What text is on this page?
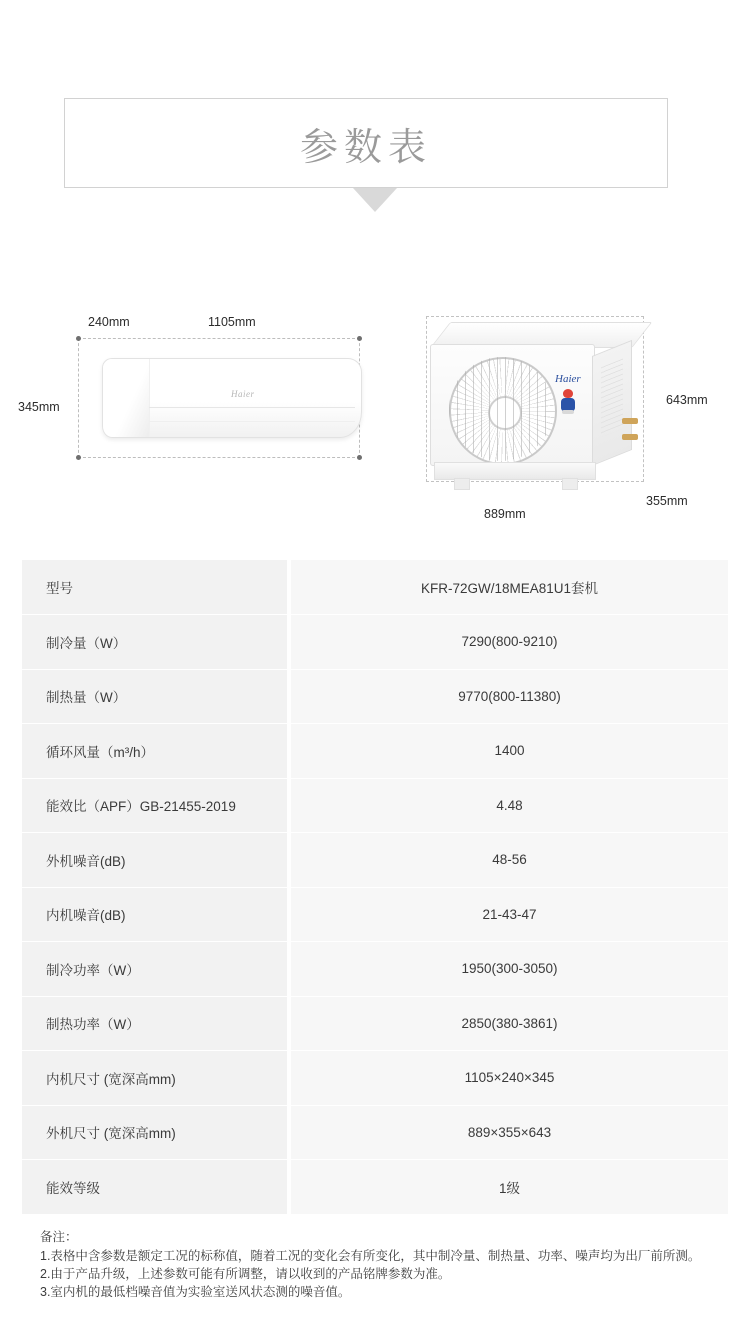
参数表
Haier
240mm	1105mm
345mm
Haier
643mm
889mm
355mm
型号	KFR-72GW/18MEA81U1套机
制冷量（W）	7290(800-9210)
制热量（W）	9770(800-11380)
循环风量（m³/h）	1400
能效比（APF）GB-21455-2019	4.48
外机噪音(dB)	48-56
内机噪音(dB)	21-43-47
制冷功率（W）	1950(300-3050)
制热功率（W）	2850(380-3861)
内机尺寸 (宽深高mm)	1105×240×345
外机尺寸 (宽深高mm)	889×355×643
能效等级	1级
备注：
1.表格中含参数是额定工况的标称值，随着工况的变化会有所变化，其中制冷量、制热量、功率、噪声均为出厂前所测。
2.由于产品升级，上述参数可能有所调整，请以收到的产品铭牌参数为准。
3.室内机的最低档噪音值为实验室送风状态测的噪音值。
